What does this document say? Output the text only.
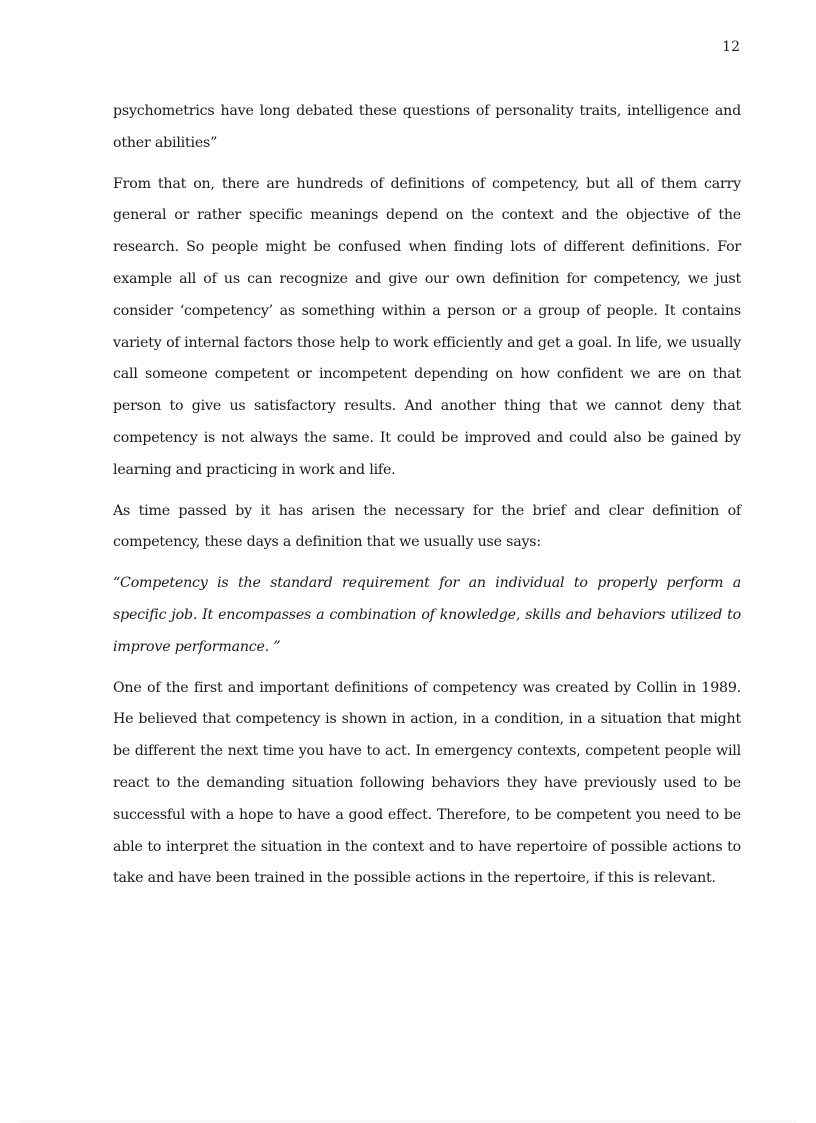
12

psychometrics have long debated these questions of personality traits, intelligence and other abilities”

From that on, there are hundreds of definitions of competency, but all of them carry general or rather specific meanings depend on the context and the objective of the research. So people might be confused when finding lots of different definitions. For example all of us can recognize and give our own definition for competency, we just consider ‘competency’ as something within a person or a group of people. It contains variety of internal factors those help to work efficiently and get a goal. In life, we usually call someone competent or incompetent depending on how confident we are on that person to give us satisfactory results. And another thing that we cannot deny that competency is not always the same. It could be improved and could also be gained by learning and practicing in work and life.

As time passed by it has arisen the necessary for the brief and clear definition of competency, these days a definition that we usually use says:

“Competency is the standard requirement for an individual to properly perform a specific job. It encompasses a combination of knowledge, skills and behaviors utilized to improve performance. ”

One of the first and important definitions of competency was created by Collin in 1989. He believed that competency is shown in action, in a condition, in a situation that might be different the next time you have to act. In emergency contexts, competent people will react to the demanding situation following behaviors they have previously used to be successful with a hope to have a good effect. Therefore, to be competent you need to be able to interpret the situation in the context and to have repertoire of possible actions to take and have been trained in the possible actions in the repertoire, if this is relevant.
